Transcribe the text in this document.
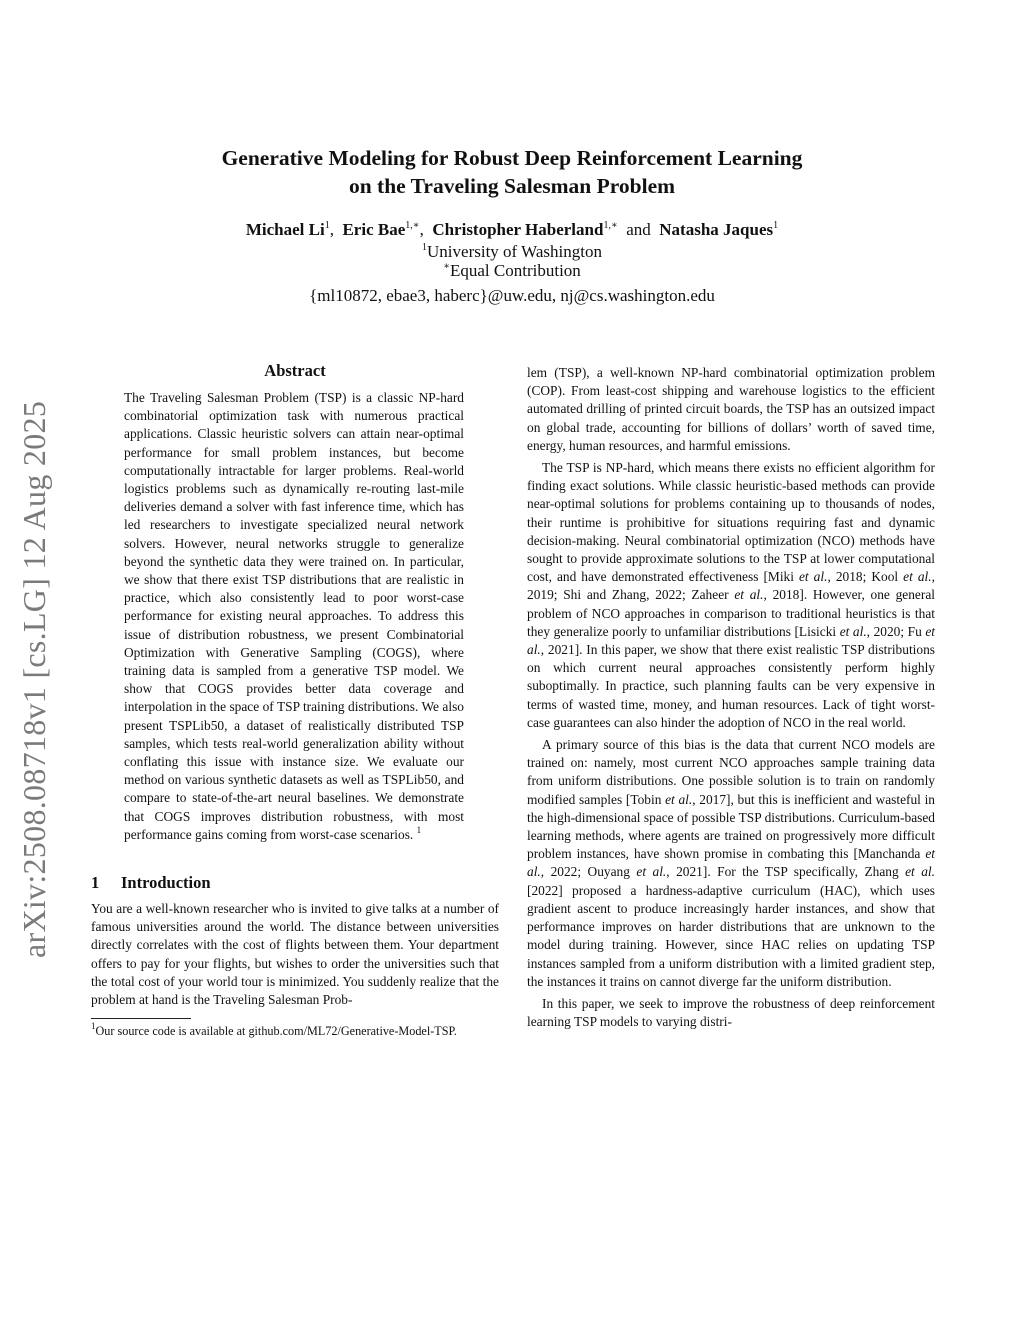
arXiv:2508.08718v1 [cs.LG] 12 Aug 2025
Generative Modeling for Robust Deep Reinforcement Learning
on the Traveling Salesman Problem
Michael Li$^1$, Eric Bae$^{1,∗}$, Christopher Haberland$^{1,∗}$ and Natasha Jaques$^1$
$^1$University of Washington
∗Equal Contribution
{ml10872, ebae3, haberc}@uw.edu, nj@cs.washington.edu
Abstract
The Traveling Salesman Problem (TSP) is a classic NP-hard combinatorial optimization task with numerous practical applications. Classic heuristic solvers can attain near-optimal performance for small problem instances, but become computationally intractable for larger problems. Real-world logistics problems such as dynamically re-routing last-mile deliveries demand a solver with fast inference time, which has led researchers to investigate specialized neural network solvers. However, neural networks struggle to generalize beyond the synthetic data they were trained on. In particular, we show that there exist TSP distributions that are realistic in practice, which also consistently lead to poor worst-case performance for existing neural approaches. To address this issue of distribution robustness, we present Combinatorial Optimization with Generative Sampling (COGS), where training data is sampled from a generative TSP model. We show that COGS provides better data coverage and interpolation in the space of TSP training distributions. We also present TSPLib50, a dataset of realistically distributed TSP samples, which tests real-world generalization ability without conflating this issue with instance size. We evaluate our method on various synthetic datasets as well as TSPLib50, and compare to state-of-the-art neural baselines. We demonstrate that COGS improves distribution robustness, with most performance gains coming from worst-case scenarios. $^1$
1 Introduction

You are a well-known researcher who is invited to give talks at a number of famous universities around the world. The distance between universities directly correlates with the cost of flights between them. Your department offers to pay for your flights, but wishes to order the universities such that the total cost of your world tour is minimized. You suddenly realize that the problem at hand is the Traveling Salesman Prob-

$^1$Our source code is available at github.com/ML72/Generative-Model-TSP.

lem (TSP), a well-known NP-hard combinatorial optimization problem (COP). From least-cost shipping and warehouse logistics to the efficient automated drilling of printed circuit boards, the TSP has an outsized impact on global trade, accounting for billions of dollars’ worth of saved time, energy, human resources, and harmful emissions.

The TSP is NP-hard, which means there exists no efficient algorithm for finding exact solutions. While classic heuristic-based methods can provide near-optimal solutions for problems containing up to thousands of nodes, their runtime is prohibitive for situations requiring fast and dynamic decision-making. Neural combinatorial optimization (NCO) methods have sought to provide approximate solutions to the TSP at lower computational cost, and have demonstrated effectiveness [Miki et al., 2018; Kool et al., 2019; Shi and Zhang, 2022; Zaheer et al., 2018]. However, one general problem of NCO approaches in comparison to traditional heuristics is that they generalize poorly to unfamiliar distributions [Lisicki et al., 2020; Fu et al., 2021]. In this paper, we show that there exist realistic TSP distributions on which current neural approaches consistently perform highly suboptimally. In practice, such planning faults can be very expensive in terms of wasted time, money, and human resources. Lack of tight worst-case guarantees can also hinder the adoption of NCO in the real world.

A primary source of this bias is the data that current NCO models are trained on: namely, most current NCO approaches sample training data from uniform distributions. One possible solution is to train on randomly modified samples [Tobin et al., 2017], but this is inefficient and wasteful in the high-dimensional space of possible TSP distributions. Curriculum-based learning methods, where agents are trained on progressively more difficult problem instances, have shown promise in combating this [Manchanda et al., 2022; Ouyang et al., 2021]. For the TSP specifically, Zhang et al. [2022] proposed a hardness-adaptive curriculum (HAC), which uses gradient ascent to produce increasingly harder instances, and show that performance improves on harder distributions that are unknown to the model during training. However, since HAC relies on updating TSP instances sampled from a uniform distribution with a limited gradient step, the instances it trains on cannot diverge far the uniform distribution.

In this paper, we seek to improve the robustness of deep reinforcement learning TSP models to varying distri-
